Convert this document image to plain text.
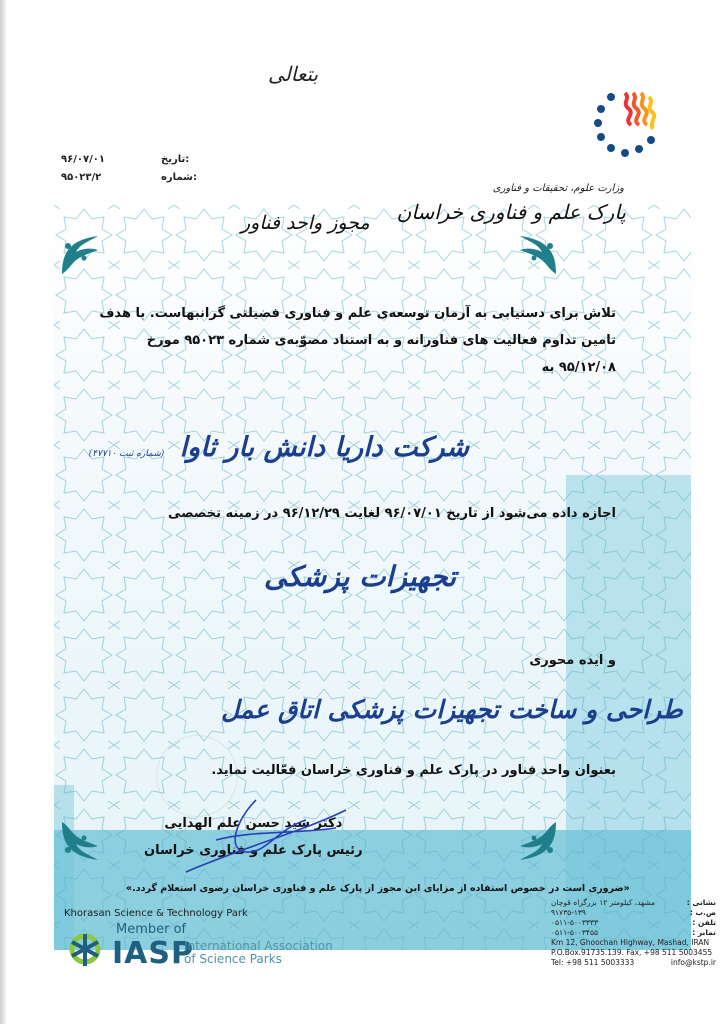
بتعالی
۹۶/۰۷/۰۱	تاریخ:
۹۵۰۲۳/۲	شماره:
وزارت علوم، تحقیقات و فناوری
پارک علم و فناوری خراسان
مجوز واحد فناور
تلاش برای دستیابی به آرمان توسعه‌ی علم و فناوری فضیلتی گرانبهاست. با هدف تامین تداوم فعالیت های فناورانه و به استناد مصوّبه‌ی شماره ۹۵۰۲۳ مورخ ۹۵/۱۲/۰۸ به
شرکت داریا دانش بار ثاوا (شماره ثبت ۴۷۷۱۰)
اجازه داده می‌شود از تاریخ ۹۶/۰۷/۰۱ لغایت ۹۶/۱۲/۲۹ در زمینه تخصصی
تجهیزات پزشکی
و ایده محوری
طراحی و ساخت تجهیزات پزشکی اتاق عمل
بعنوان واحد فناور در پارک علم و فناوری خراسان فعّالیت نماید.
دکتر سید حسن علم الهدایی
رئیس پارک علم و فناوری خراسان
«ضروری است در خصوص استفاده از مزایای این مجوز از پارک علم و فناوری خراسان رضوی استعلام گردد.»
Khorasan Science & Technology Park
Member of
IASP
International Association
of Science Parks
نشانی :
مشهد، کیلومتر ۱۲ بزرگراه قوچان
ص.ب :
۹۱۷۳۵-۱۳۹
تلفن :
۰۵۱۱-۵۰۰۳۳۳۳
نمابر :
۰۵۱۱-۵۰۰۳۴۵۵
Km 12, Ghoochan Highway, Mashad, IRAN
P.O.Box.91735.139. Fax, +98 511 5003455
Tel: +98 511 5003333	info@kstp.ir
